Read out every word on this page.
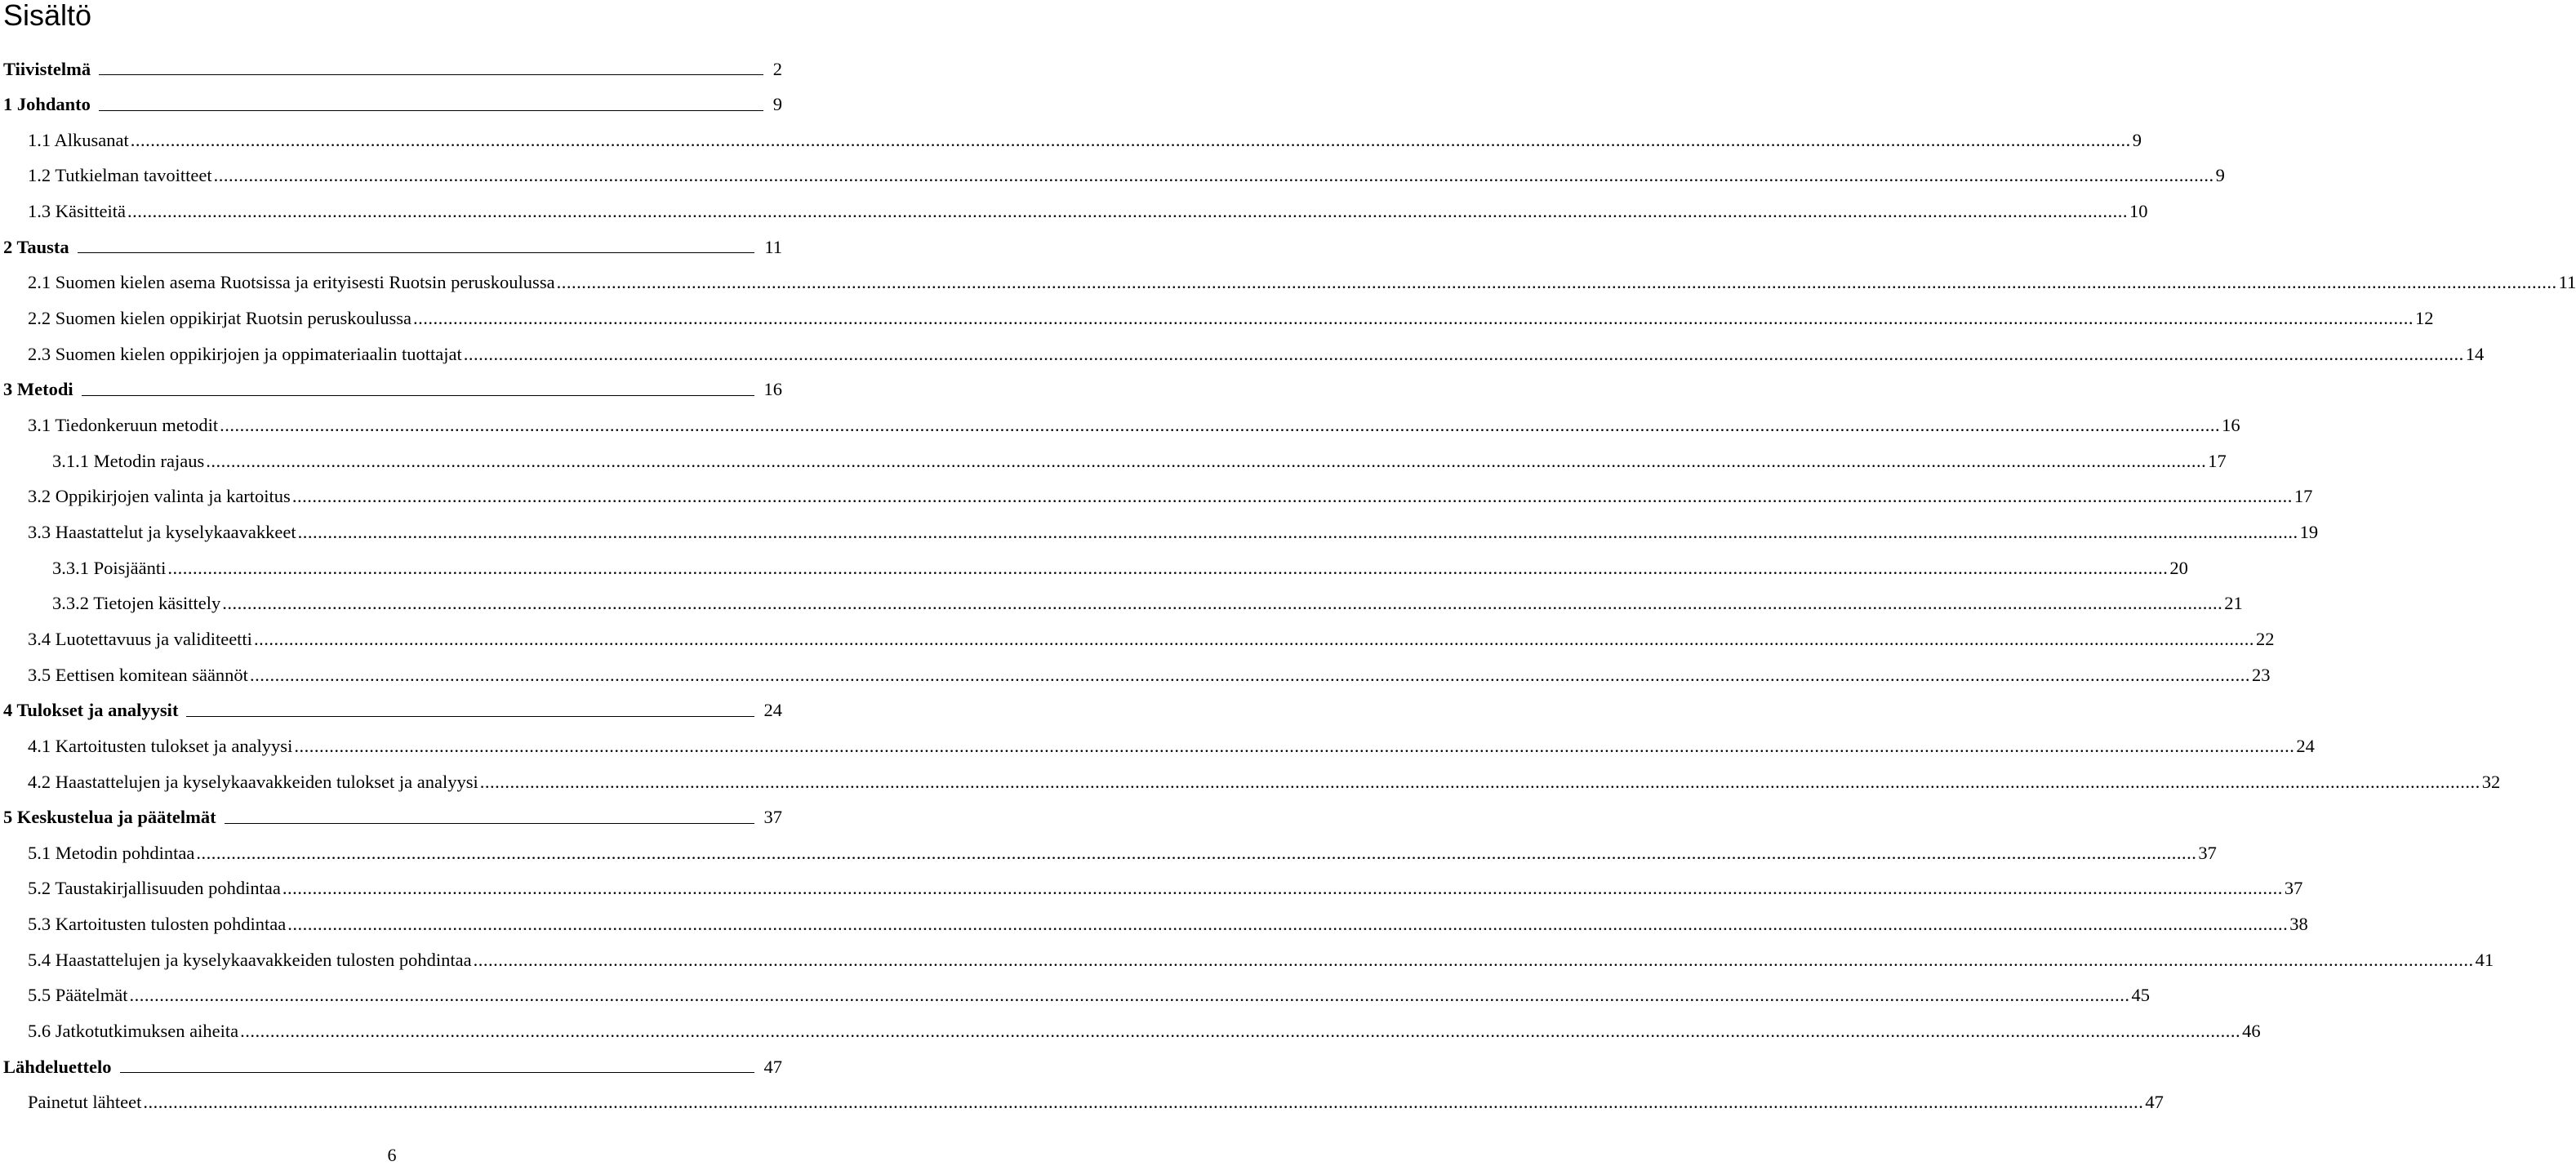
Sisältö
Tiivistelmä	2
1 Johdanto	9
1.1 Alkusanat ................................................................................................................................................................................................................................................................................................................................................................................................................ 9
1.2 Tutkielman tavoitteet ................................................................................................................................................................................................................................................................................................................................................................................................................ 9
1.3 Käsitteitä ................................................................................................................................................................................................................................................................................................................................................................................................................ 10
2 Tausta	11
2.1 Suomen kielen asema Ruotsissa ja erityisesti Ruotsin peruskoulussa ................................................................................................................................................................................................................................................................................................................................................................................................................ 11
2.2 Suomen kielen oppikirjat Ruotsin peruskoulussa ................................................................................................................................................................................................................................................................................................................................................................................................................ 12
2.3 Suomen kielen oppikirjojen ja oppimateriaalin tuottajat ................................................................................................................................................................................................................................................................................................................................................................................................................ 14
3 Metodi	16
3.1 Tiedonkeruun metodit ................................................................................................................................................................................................................................................................................................................................................................................................................ 16
3.1.1 Metodin rajaus ................................................................................................................................................................................................................................................................................................................................................................................................................ 17
3.2 Oppikirjojen valinta ja kartoitus ................................................................................................................................................................................................................................................................................................................................................................................................................ 17
3.3 Haastattelut ja kyselykaavakkeet ................................................................................................................................................................................................................................................................................................................................................................................................................ 19
3.3.1 Poisjäänti ................................................................................................................................................................................................................................................................................................................................................................................................................ 20
3.3.2 Tietojen käsittely ................................................................................................................................................................................................................................................................................................................................................................................................................ 21
3.4 Luotettavuus ja validiteetti ................................................................................................................................................................................................................................................................................................................................................................................................................ 22
3.5 Eettisen komitean säännöt ................................................................................................................................................................................................................................................................................................................................................................................................................ 23
4 Tulokset ja analyysit	24
4.1 Kartoitusten tulokset ja analyysi ................................................................................................................................................................................................................................................................................................................................................................................................................ 24
4.2 Haastattelujen ja kyselykaavakkeiden tulokset ja analyysi ................................................................................................................................................................................................................................................................................................................................................................................................................ 32
5 Keskustelua ja päätelmät	37
5.1 Metodin pohdintaa ................................................................................................................................................................................................................................................................................................................................................................................................................ 37
5.2 Taustakirjallisuuden pohdintaa ................................................................................................................................................................................................................................................................................................................................................................................................................ 37
5.3 Kartoitusten tulosten pohdintaa ................................................................................................................................................................................................................................................................................................................................................................................................................ 38
5.4 Haastattelujen ja kyselykaavakkeiden tulosten pohdintaa ................................................................................................................................................................................................................................................................................................................................................................................................................ 41
5.5 Päätelmät ................................................................................................................................................................................................................................................................................................................................................................................................................ 45
5.6 Jatkotutkimuksen aiheita ................................................................................................................................................................................................................................................................................................................................................................................................................ 46
Lähdeluettelo	47
Painetut lähteet ................................................................................................................................................................................................................................................................................................................................................................................................................ 47
6
